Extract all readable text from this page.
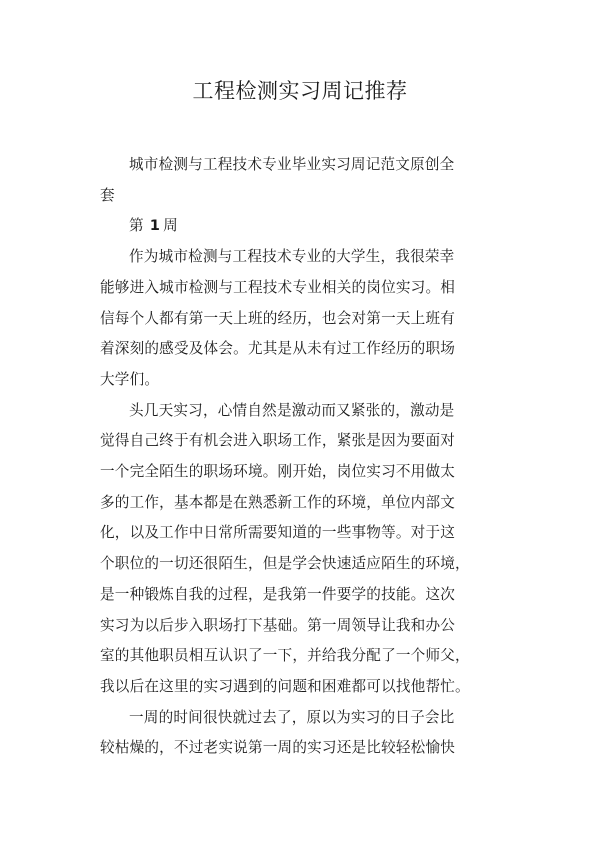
工程检测实习周记推荐

城市检测与工程技术专业毕业实习周记范文原创全

套

第 1 周

作为城市检测与工程技术专业的大学生，我很荣幸
能够进入城市检测与工程技术专业相关的岗位实习。相
信每个人都有第一天上班的经历，也会对第一天上班有
着深刻的感受及体会。尤其是从未有过工作经历的职场
大学们。

头几天实习，心情自然是激动而又紧张的，激动是
觉得自己终于有机会进入职场工作，紧张是因为要面对
一个完全陌生的职场环境。刚开始，岗位实习不用做太
多的工作，基本都是在熟悉新工作的环境，单位内部文
化，以及工作中日常所需要知道的一些事物等。对于这
个职位的一切还很陌生，但是学会快速适应陌生的环境，
是一种锻炼自我的过程，是我第一件要学的技能。这次
实习为以后步入职场打下基础。第一周领导让我和办公
室的其他职员相互认识了一下，并给我分配了一个师父，
我以后在这里的实习遇到的问题和困难都可以找他帮忙。

一周的时间很快就过去了，原以为实习的日子会比
较枯燥的，不过老实说第一周的实习还是比较轻松愉快
